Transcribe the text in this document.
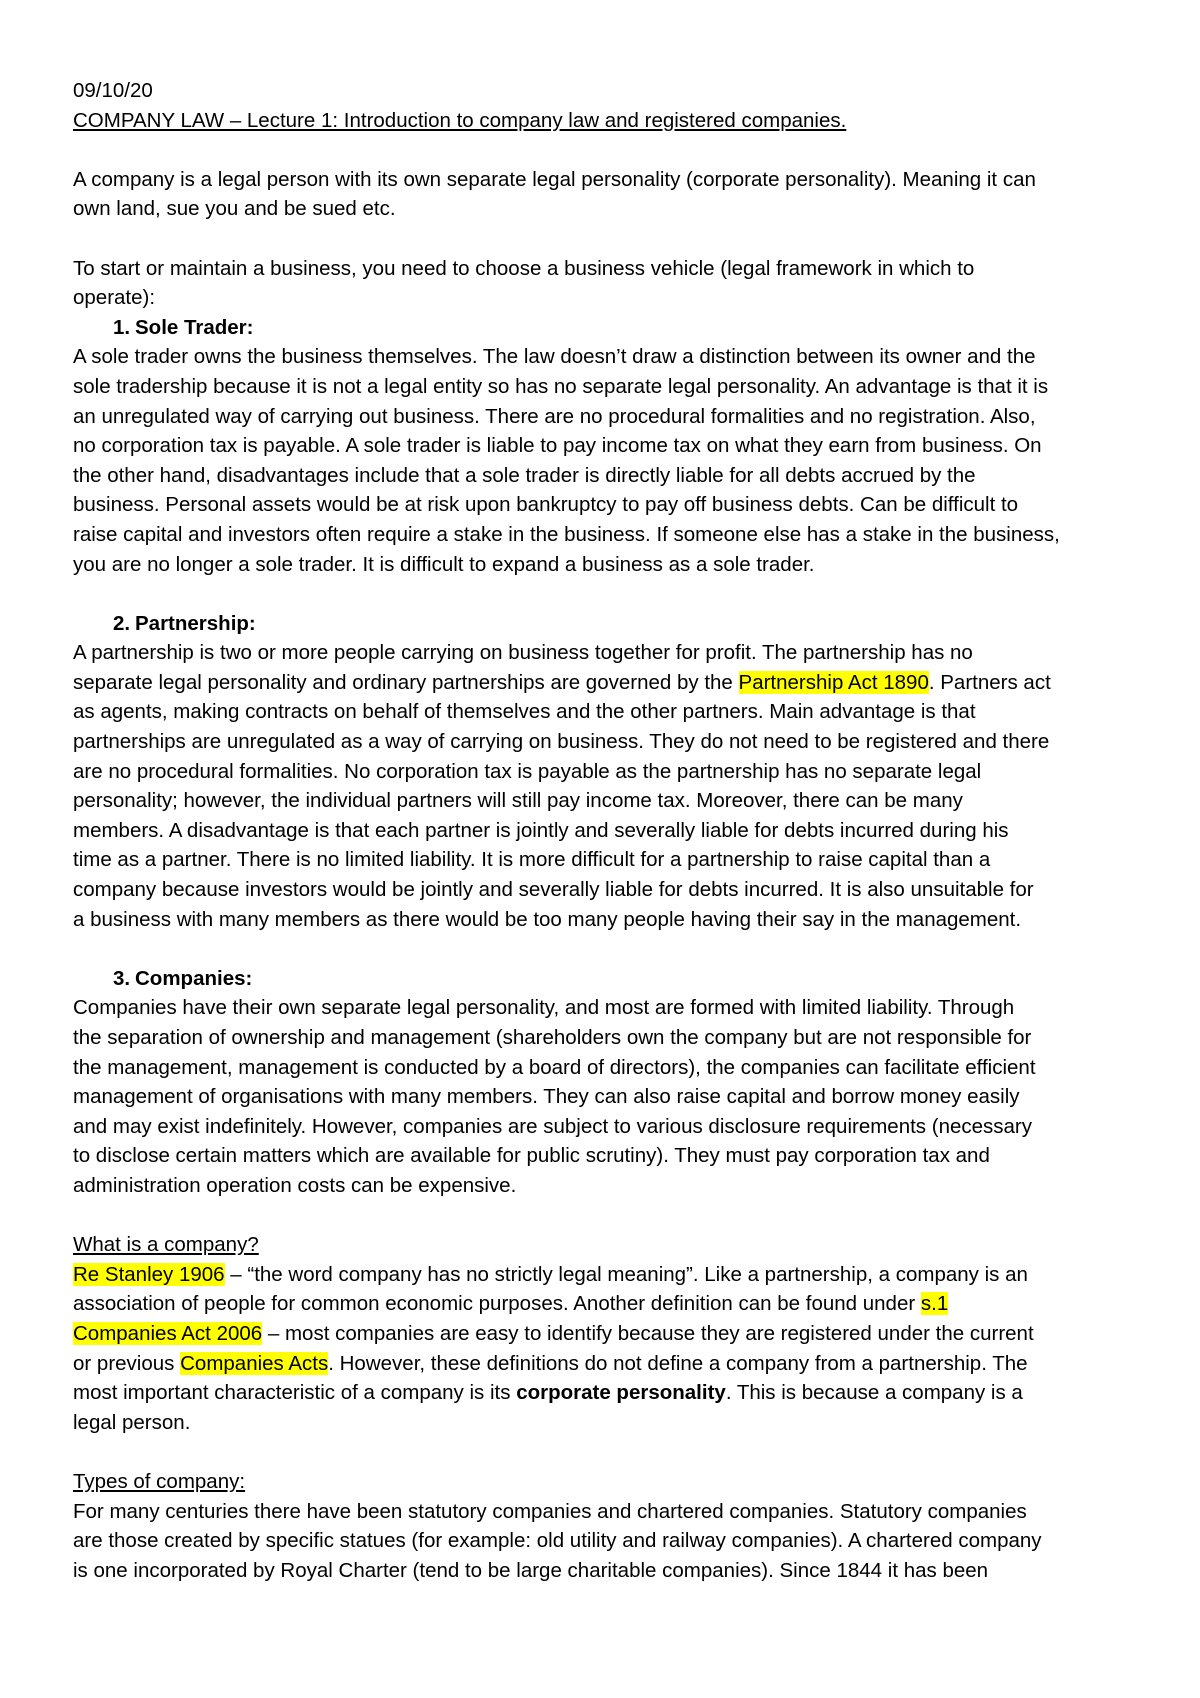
09/10/20
COMPANY LAW – Lecture 1: Introduction to company law and registered companies.
A company is a legal person with its own separate legal personality (corporate personality). Meaning it can
own land, sue you and be sued etc.
To start or maintain a business, you need to choose a business vehicle (legal framework in which to
operate):
1. Sole Trader:
A sole trader owns the business themselves. The law doesn’t draw a distinction between its owner and the
sole tradership because it is not a legal entity so has no separate legal personality. An advantage is that it is
an unregulated way of carrying out business. There are no procedural formalities and no registration. Also,
no corporation tax is payable. A sole trader is liable to pay income tax on what they earn from business. On
the other hand, disadvantages include that a sole trader is directly liable for all debts accrued by the
business. Personal assets would be at risk upon bankruptcy to pay off business debts. Can be difficult to
raise capital and investors often require a stake in the business. If someone else has a stake in the business,
you are no longer a sole trader. It is difficult to expand a business as a sole trader.
2. Partnership:
A partnership is two or more people carrying on business together for profit. The partnership has no
separate legal personality and ordinary partnerships are governed by the Partnership Act 1890. Partners act
as agents, making contracts on behalf of themselves and the other partners. Main advantage is that
partnerships are unregulated as a way of carrying on business. They do not need to be registered and there
are no procedural formalities. No corporation tax is payable as the partnership has no separate legal
personality; however, the individual partners will still pay income tax. Moreover, there can be many
members. A disadvantage is that each partner is jointly and severally liable for debts incurred during his
time as a partner. There is no limited liability. It is more difficult for a partnership to raise capital than a
company because investors would be jointly and severally liable for debts incurred. It is also unsuitable for
a business with many members as there would be too many people having their say in the management.
3. Companies:
Companies have their own separate legal personality, and most are formed with limited liability. Through
the separation of ownership and management (shareholders own the company but are not responsible for
the management, management is conducted by a board of directors), the companies can facilitate efficient
management of organisations with many members. They can also raise capital and borrow money easily
and may exist indefinitely. However, companies are subject to various disclosure requirements (necessary
to disclose certain matters which are available for public scrutiny). They must pay corporation tax and
administration operation costs can be expensive.
What is a company?
Re Stanley 1906 – “the word company has no strictly legal meaning”. Like a partnership, a company is an
association of people for common economic purposes. Another definition can be found under s.1
Companies Act 2006 – most companies are easy to identify because they are registered under the current
or previous Companies Acts. However, these definitions do not define a company from a partnership. The
most important characteristic of a company is its corporate personality. This is because a company is a
legal person.
Types of company:
For many centuries there have been statutory companies and chartered companies. Statutory companies
are those created by specific statues (for example: old utility and railway companies). A chartered company
is one incorporated by Royal Charter (tend to be large charitable companies). Since 1844 it has been
